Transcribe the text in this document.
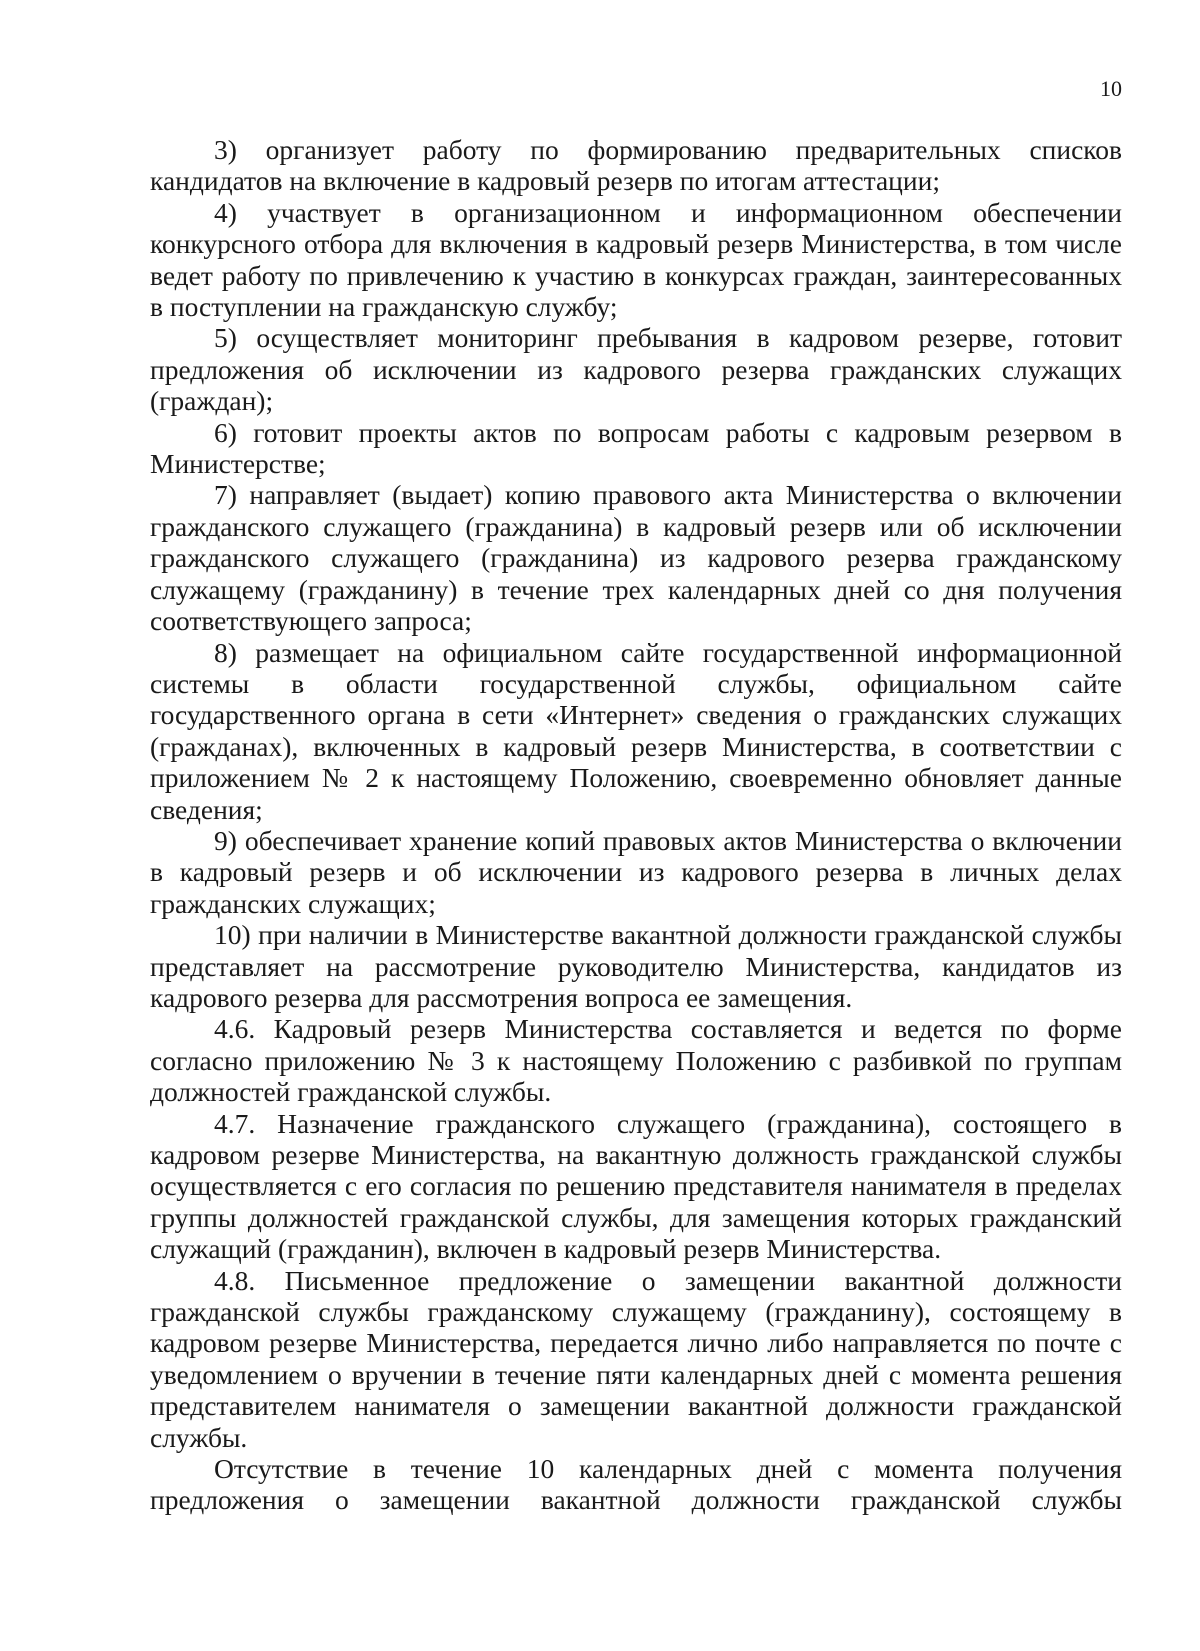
10

3) организует работу по формированию предварительных списков кандидатов на включение в кадровый резерв по итогам аттестации;

4) участвует в организационном и информационном обеспечении конкурсного отбора для включения в кадровый резерв Министерства, в том числе ведет работу по привлечению к участию в конкурсах граждан, заинтересованных в поступлении на гражданскую службу;

5) осуществляет мониторинг пребывания в кадровом резерве, готовит предложения об исключении из кадрового резерва гражданских служащих (граждан);

6) готовит проекты актов по вопросам работы с кадровым резервом в Министерстве;

7) направляет (выдает) копию правового акта Министерства о включении гражданского служащего (гражданина) в кадровый резерв или об исключении гражданского служащего (гражданина) из кадрового резерва гражданскому служащему (гражданину) в течение трех календарных дней со дня получения соответствующего запроса;

8) размещает на официальном сайте государственной информационной системы в области государственной службы, официальном сайте государственного органа в сети «Интернет» сведения о гражданских служащих (гражданах), включенных в кадровый резерв Министерства, в соответствии с приложением № 2 к настоящему Положению, своевременно обновляет данные сведения;

9) обеспечивает хранение копий правовых актов Министерства о включении в кадровый резерв и об исключении из кадрового резерва в личных делах гражданских служащих;

10) при наличии в Министерстве вакантной должности гражданской службы представляет на рассмотрение руководителю Министерства, кандидатов из кадрового резерва для рассмотрения вопроса ее замещения.

4.6. Кадровый резерв Министерства составляется и ведется по форме согласно приложению № 3 к настоящему Положению с разбивкой по группам должностей гражданской службы.

4.7. Назначение гражданского служащего (гражданина), состоящего в кадровом резерве Министерства, на вакантную должность гражданской службы осуществляется с его согласия по решению представителя нанимателя в пределах группы должностей гражданской службы, для замещения которых гражданский служащий (гражданин), включен в кадровый резерв Министерства.

4.8. Письменное предложение о замещении вакантной должности гражданской службы гражданскому служащему (гражданину), состоящему в кадровом резерве Министерства, передается лично либо направляется по почте с уведомлением о вручении в течение пяти календарных дней с момента решения представителем нанимателя о замещении вакантной должности гражданской службы.

Отсутствие в течение 10 календарных дней с момента получения предложения о замещении вакантной должности гражданской службы
